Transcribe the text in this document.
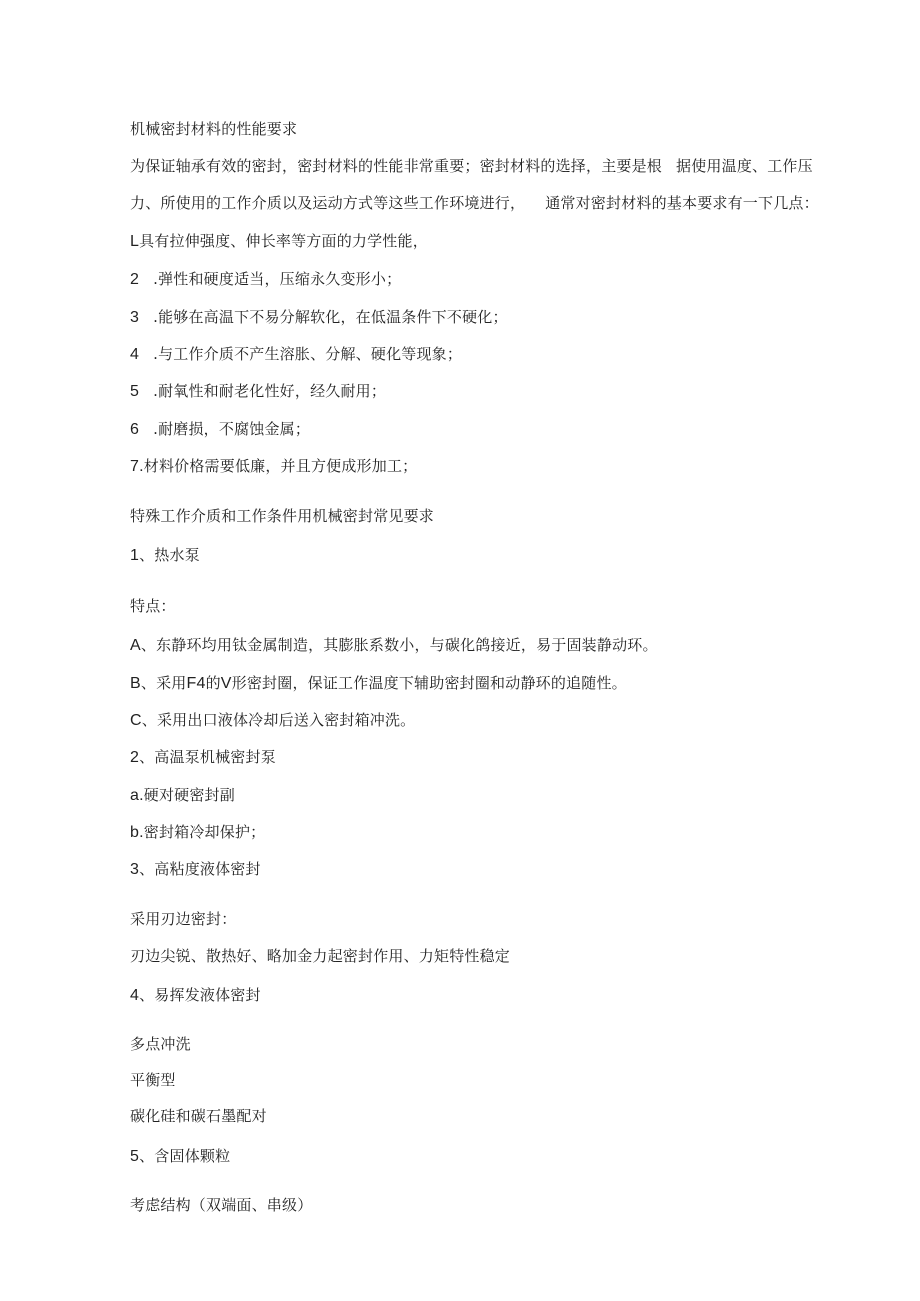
机械密封材料的性能要求
为保证轴承有效的密封，密封材料的性能非常重要；密封材料的选择，主要是根 据使用温度、工作压
力、所使用的工作介质以及运动方式等这些工作环境进行， 通常对密封材料的基本要求有一下几点：
L具有拉伸强度、伸长率等方面的力学性能，
2 .弹性和硬度适当，压缩永久变形小；
3 .能够在高温下不易分解软化，在低温条件下不硬化；
4 .与工作介质不产生溶胀、分解、硬化等现象；
5 .耐氧性和耐老化性好，经久耐用；
6 .耐磨损，不腐蚀金属；
7.材料价格需要低廉，并且方便成形加工；
特殊工作介质和工作条件用机械密封常见要求
1、热水泵
特点：
A、东静环均用钛金属制造，其膨胀系数小，与碳化鸽接近，易于固装静动环。
B、采用F4的V形密封圈，保证工作温度下辅助密封圈和动静环的追随性。
C、采用出口液体冷却后送入密封箱冲洗。
2、高温泵机械密封泵
a.硬对硬密封副
b.密封箱冷却保护；
3、高粘度液体密封
采用刃边密封：
刃边尖锐、散热好、略加金力起密封作用、力矩特性稳定
4、易挥发液体密封
多点冲洗
平衡型
碳化硅和碳石墨配对
5、含固体颗粒
考虑结构（双端面、串级）
